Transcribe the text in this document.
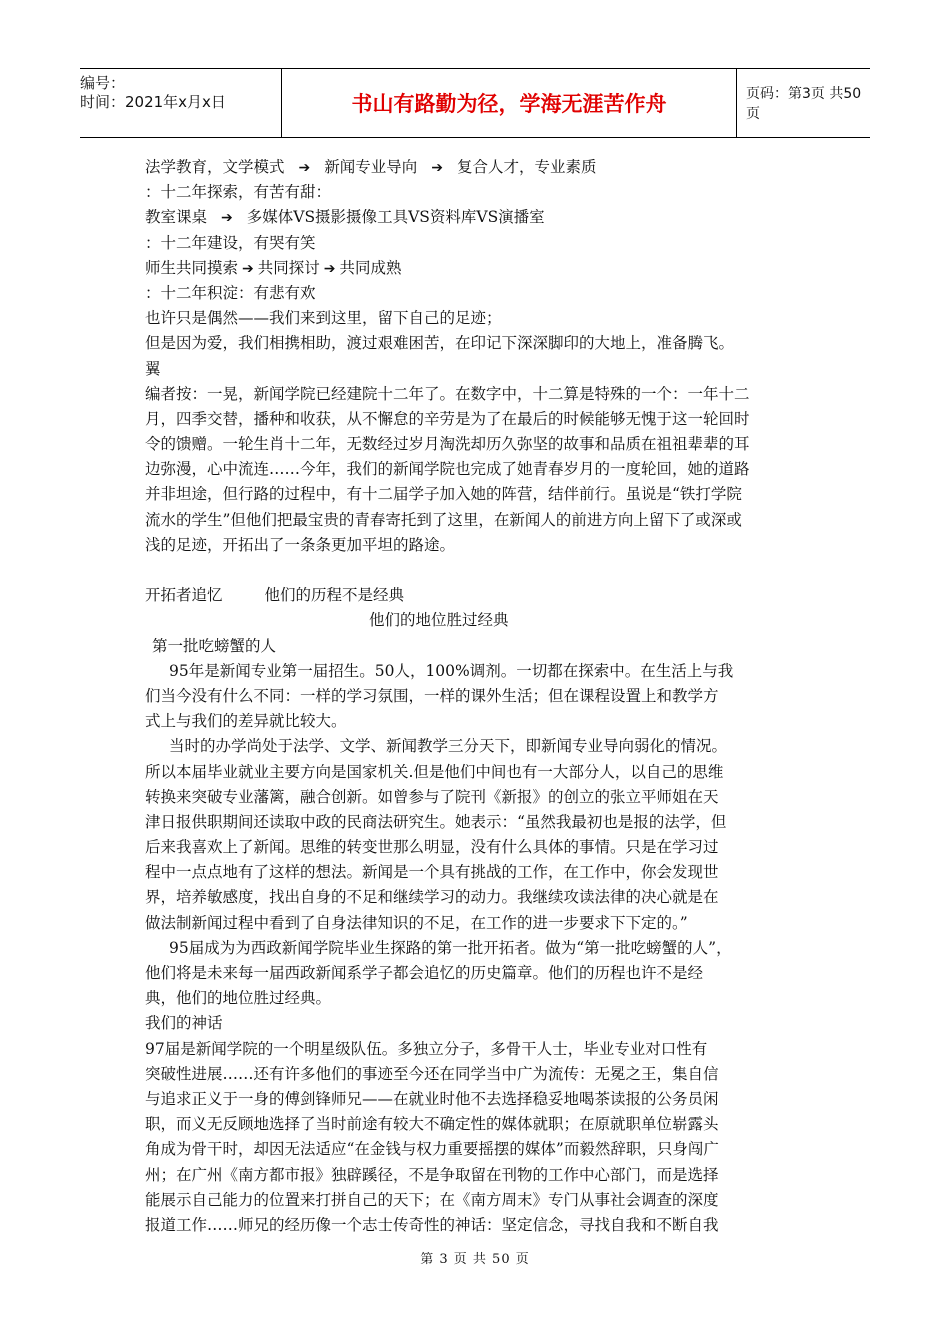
编号：
时间：2021年x月x日	书山有路勤为径，学海无涯苦作舟	页码：第3页 共50页
法学教育，文学模式 ➔ 新闻专业导向 ➔ 复合人才，专业素质
：十二年探索，有苦有甜：
教室课桌 ➔ 多媒体VS摄影摄像工具VS资料库VS演播室
：十二年建设，有哭有笑
师生共同摸索 ➔ 共同探讨 ➔ 共同成熟
：十二年积淀：有悲有欢
也许只是偶然——我们来到这里，留下自己的足迹；
但是因为爱，我们相携相助，渡过艰难困苦，在印记下深深脚印的大地上，准备腾飞。
翼
编者按：一晃，新闻学院已经建院十二年了。在数字中，十二算是特殊的一个：一年十二
月，四季交替，播种和收获，从不懈怠的辛劳是为了在最后的时候能够无愧于这一轮回时
令的馈赠。一轮生肖十二年，无数经过岁月淘洗却历久弥坚的故事和品质在祖祖辈辈的耳
边弥漫，心中流连……今年，我们的新闻学院也完成了她青春岁月的一度轮回，她的道路
并非坦途，但行路的过程中，有十二届学子加入她的阵营，结伴前行。虽说是“铁打学院
流水的学生”但他们把最宝贵的青春寄托到了这里，在新闻人的前进方向上留下了或深或
浅的足迹，开拓出了一条条更加平坦的路途。
开拓者追忆	他们的历程不是经典
他们的地位胜过经典
第一批吃螃蟹的人
95年是新闻专业第一届招生。50人，100%调剂。一切都在探索中。在生活上与我
们当今没有什么不同：一样的学习氛围，一样的课外生活；但在课程设置上和教学方
式上与我们的差异就比较大。
当时的办学尚处于法学、文学、新闻教学三分天下，即新闻专业导向弱化的情况。
所以本届毕业就业主要方向是国家机关.但是他们中间也有一大部分人，以自己的思维
转换来突破专业藩篱，融合创新。如曾参与了院刊《新报》的创立的张立平师姐在天
津日报供职期间还读取中政的民商法研究生。她表示：“虽然我最初也是报的法学，但
后来我喜欢上了新闻。思维的转变世那么明显，没有什么具体的事情。只是在学习过
程中一点点地有了这样的想法。新闻是一个具有挑战的工作，在工作中，你会发现世
界，培养敏感度，找出自身的不足和继续学习的动力。我继续攻读法律的决心就是在
做法制新闻过程中看到了自身法律知识的不足，在工作的进一步要求下下定的。”
95届成为为西政新闻学院毕业生探路的第一批开拓者。做为“第一批吃螃蟹的人”，
他们将是未来每一届西政新闻系学子都会追忆的历史篇章。他们的历程也许不是经
典，他们的地位胜过经典。
我们的神话
97届是新闻学院的一个明星级队伍。多独立分子，多骨干人士，毕业专业对口性有
突破性进展……还有许多他们的事迹至今还在同学当中广为流传：无冕之王，集自信
与追求正义于一身的傅剑锋师兄——在就业时他不去选择稳妥地喝茶读报的公务员闲
职，而义无反顾地选择了当时前途有较大不确定性的媒体就职；在原就职单位崭露头
角成为骨干时，却因无法适应“在金钱与权力重要摇摆的媒体”而毅然辞职，只身闯广
州；在广州《南方都市报》独辟蹊径，不是争取留在刊物的工作中心部门，而是选择
能展示自己能力的位置来打拼自己的天下；在《南方周末》专门从事社会调查的深度
报道工作……师兄的经历像一个志士传奇性的神话：坚定信念，寻找自我和不断自我
第 3 页 共 50 页
